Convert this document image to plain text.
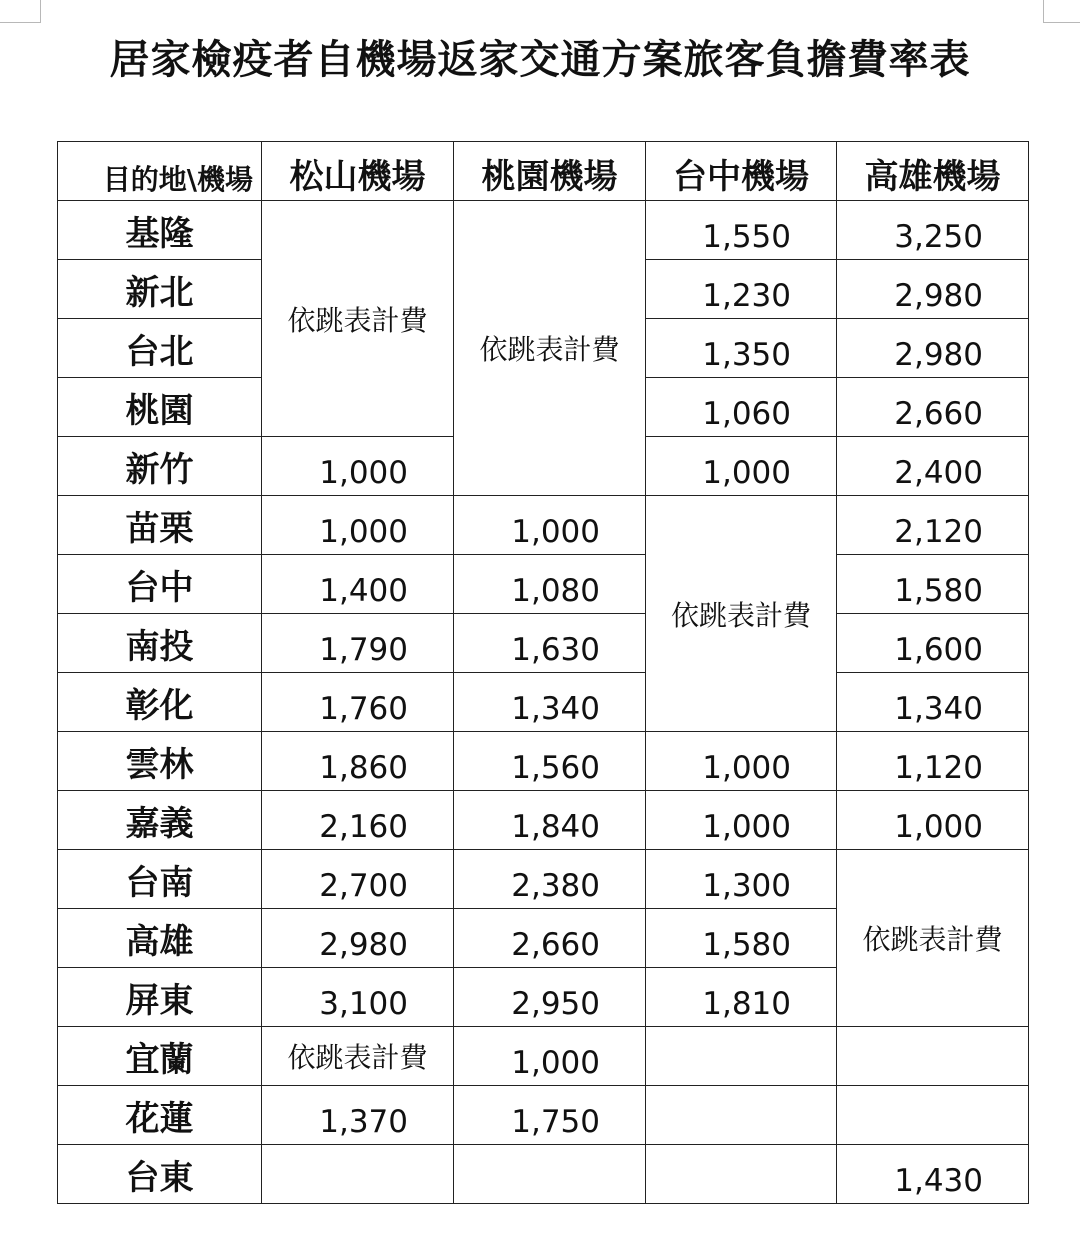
居家檢疫者自機場返家交通方案旅客負擔費率表
目的地\機場	松山機場	桃園機場	台中機場	高雄機場
基隆	依跳表計費	依跳表計費	1,550	3,250
新北			1,230	2,980
台北			1,350	2,980
桃園			1,060	2,660
新竹	1,000		1,000	2,400
苗栗	1,000	1,000	依跳表計費	2,120
台中	1,400	1,080		1,580
南投	1,790	1,630		1,600
彰化	1,760	1,340		1,340
雲林	1,860	1,560	1,000	1,120
嘉義	2,160	1,840	1,000	1,000
台南	2,700	2,380	1,300	依跳表計費
高雄	2,980	2,660	1,580	
屏東	3,100	2,950	1,810	
宜蘭	依跳表計費	1,000		
花蓮	1,370	1,750		
台東				1,430
